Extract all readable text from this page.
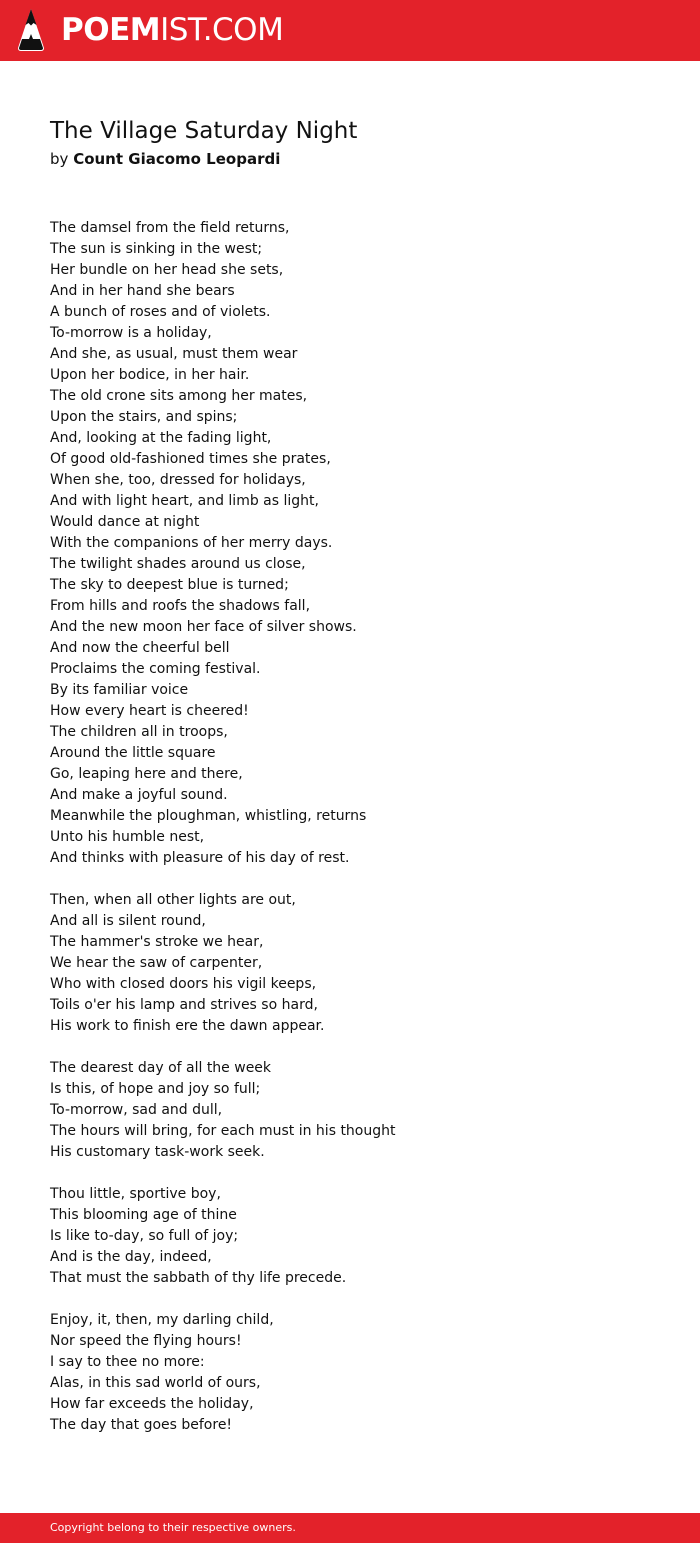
POEMIST.COM
The Village Saturday Night
by Count Giacomo Leopardi
The damsel from the field returns,
The sun is sinking in the west;
Her bundle on her head she sets,
And in her hand she bears
A bunch of roses and of violets.
To-morrow is a holiday,
And she, as usual, must them wear
Upon her bodice, in her hair.
The old crone sits among her mates,
Upon the stairs, and spins;
And, looking at the fading light,
Of good old-fashioned times she prates,
When she, too, dressed for holidays,
And with light heart, and limb as light,
Would dance at night
With the companions of her merry days.
The twilight shades around us close,
The sky to deepest blue is turned;
From hills and roofs the shadows fall,
And the new moon her face of silver shows.
And now the cheerful bell
Proclaims the coming festival.
By its familiar voice
How every heart is cheered!
The children all in troops,
Around the little square
Go, leaping here and there,
And make a joyful sound.
Meanwhile the ploughman, whistling, returns
Unto his humble nest,
And thinks with pleasure of his day of rest.
Then, when all other lights are out,
And all is silent round,
The hammer's stroke we hear,
We hear the saw of carpenter,
Who with closed doors his vigil keeps,
Toils o'er his lamp and strives so hard,
His work to finish ere the dawn appear.
The dearest day of all the week
Is this, of hope and joy so full;
To-morrow, sad and dull,
The hours will bring, for each must in his thought
His customary task-work seek.
Thou little, sportive boy,
This blooming age of thine
Is like to-day, so full of joy;
And is the day, indeed,
That must the sabbath of thy life precede.
Enjoy, it, then, my darling child,
Nor speed the flying hours!
I say to thee no more:
Alas, in this sad world of ours,
How far exceeds the holiday,
The day that goes before!
Copyright belong to their respective owners.
